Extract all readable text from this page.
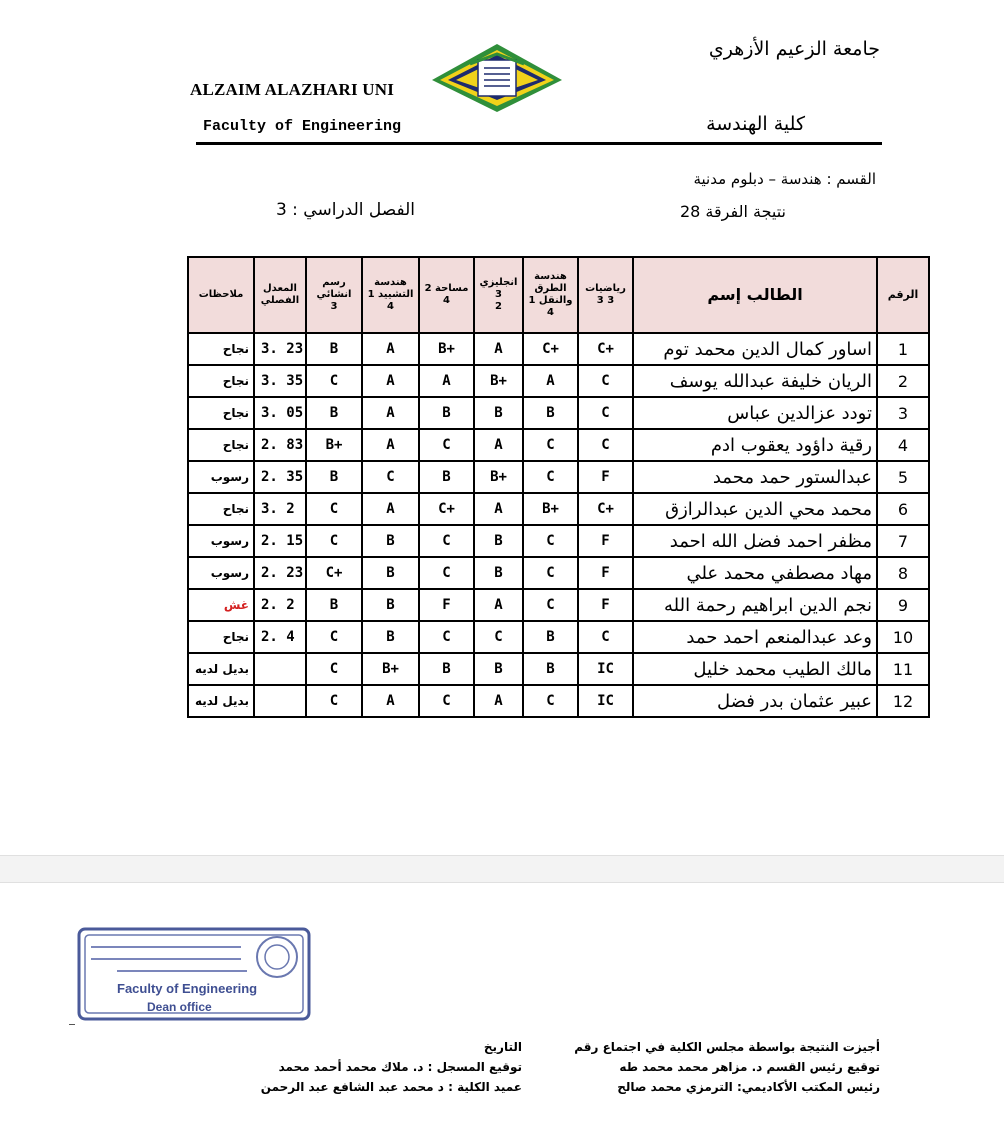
جامعة الزعيم الأزهري
ALZAIM ALAZHARI UNI
Faculty of Engineering	كلية الهندسة
القسم : هندسة – دبلوم مدنية
نتيجة الفرقة 28
الفصل الدراسي : 3
ملاحظات	المعدل
الفصلي	رسم
انشائي
3	هندسة
التشييد 1
4	مساحة 2
4	انجليزي
3
2	هندسة
الطرق
والنقل 1
4	رياضيات
3 3	الطالب إسم	الرقم
نجاح	3. 23	B	A	B+	A	C+	C+	اساور كمال الدين محمد توم	1
نجاح	3. 35	C	A	A	B+	A	C	الريان خليفة عبدالله يوسف	2
نجاح	3. 05	B	A	B	B	B	C	تودد عزالدين عباس	3
نجاح	2. 83	B+	A	C	A	C	C	رقية داؤود يعقوب ادم	4
رسوب	2. 35	B	C	B	B+	C	F	عبدالستور حمد محمد	5
نجاح	3. 2	C	A	C+	A	B+	C+	محمد محي الدين عبدالرازق	6
رسوب	2. 15	C	B	C	B	C	F	مظفر احمد فضل الله احمد	7
رسوب	2. 23	C+	B	C	B	C	F	مهاد مصطفي محمد علي	8
غش	2. 2	B	B	F	A	C	F	نجم الدين ابراهيم رحمة الله	9
نجاح	2. 4	C	B	C	C	B	C	وعد عبدالمنعم احمد حمد	10
بديل لديه		C	B+	B	B	B	IC	مالك الطيب محمد خليل	11
بديل لديه		C	A	C	A	C	IC	عبير عثمان بدر فضل	12
Faculty of Engineering
Dean office
أجيزت النتيجة بواسطة مجلس الكلية في اجتماع رقم
توقيع رئيس القسم د. مزاهر محمد محمد طه
رئيس المكتب الأكاديمي: الترمزي محمد صالح
التاريخ
توقيع المسجل : د. ملاك محمد أحمد محمد
عميد الكلية : د محمد عبد الشافع عبد الرحمن
